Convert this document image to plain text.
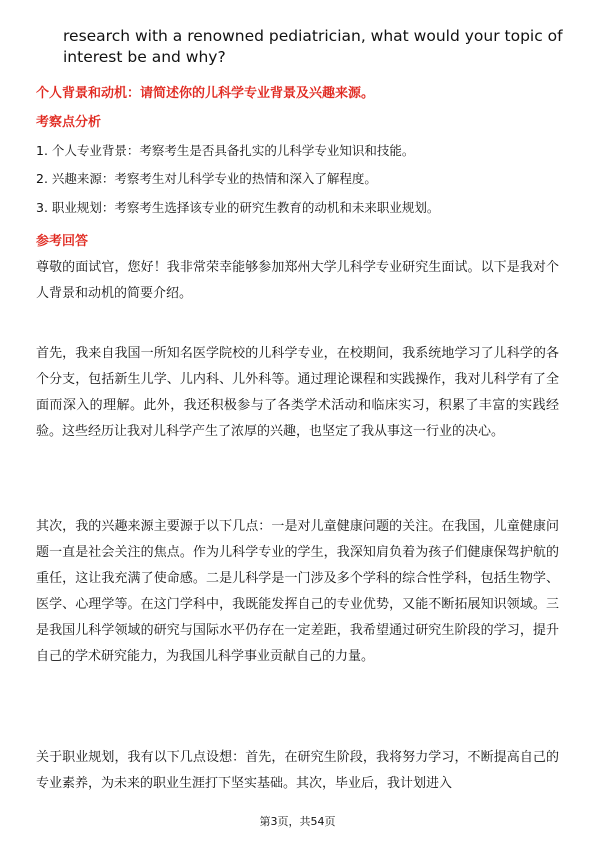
research with a renowned pediatrician, what would your topic of interest be and why?
个人背景和动机：请简述你的儿科学专业背景及兴趣来源。
考察点分析
1. 个人专业背景：考察考生是否具备扎实的儿科学专业知识和技能。
2. 兴趣来源：考察考生对儿科学专业的热情和深入了解程度。
3. 职业规划：考察考生选择该专业的研究生教育的动机和未来职业规划。
参考回答
尊敬的面试官，您好！我非常荣幸能够参加郑州大学儿科学专业研究生面试。以下是我对个人背景和动机的简要介绍。
首先，我来自我国一所知名医学院校的儿科学专业，在校期间，我系统地学习了儿科学的各个分支，包括新生儿学、儿内科、儿外科等。通过理论课程和实践操作，我对儿科学有了全面而深入的理解。此外，我还积极参与了各类学术活动和临床实习，积累了丰富的实践经验。这些经历让我对儿科学产生了浓厚的兴趣，也坚定了我从事这一行业的决心。
其次，我的兴趣来源主要源于以下几点：一是对儿童健康问题的关注。在我国，儿童健康问题一直是社会关注的焦点。作为儿科学专业的学生，我深知肩负着为孩子们健康保驾护航的重任，这让我充满了使命感。二是儿科学是一门涉及多个学科的综合性学科，包括生物学、医学、心理学等。在这门学科中，我既能发挥自己的专业优势，又能不断拓展知识领域。三是我国儿科学领域的研究与国际水平仍存在一定差距，我希望通过研究生阶段的学习，提升自己的学术研究能力，为我国儿科学事业贡献自己的力量。
关于职业规划，我有以下几点设想：首先，在研究生阶段，我将努力学习，不断提高自己的专业素养，为未来的职业生涯打下坚实基础。其次，毕业后，我计划进入
第3页，共54页
